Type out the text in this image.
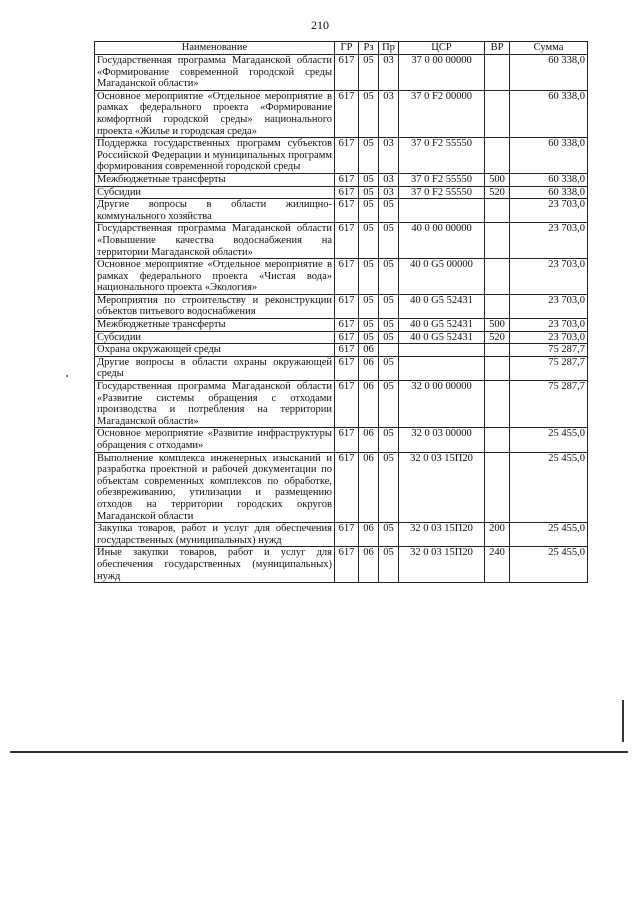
210
Наименование	ГР	Рз	Пр	ЦСР	ВР	Сумма
Государственная программа Магаданской области «Формирование современной городской среды Магаданской области»	617	05	03	37 0 00 00000		60 338,0
Основное мероприятие «Отдельное мероприятие в рамках федерального проекта «Формирование комфортной городской среды» национального проекта «Жилье и городская среда»	617	05	03	37 0 F2 00000		60 338,0
Поддержка государственных программ субъектов Российской Федерации и муниципальных программ формирования современной городской среды	617	05	03	37 0 F2 55550		60 338,0
Межбюджетные трансферты	617	05	03	37 0 F2 55550	500	60 338,0
Субсидии	617	05	03	37 0 F2 55550	520	60 338,0
Другие вопросы в области жилищно-коммунального хозяйства	617	05	05			23 703,0
Государственная программа Магаданской области «Повышение качества водоснабжения на территории Магаданской области»	617	05	05	40 0 00 00000		23 703,0
Основное мероприятие «Отдельное мероприятие в рамках федерального проекта «Чистая вода» национального проекта «Экология»	617	05	05	40 0 G5 00000		23 703,0
Мероприятия по строительству и реконструкции объектов питьевого водоснабжения	617	05	05	40 0 G5 52431		23 703,0
Межбюджетные трансферты	617	05	05	40 0 G5 52431	500	23 703,0
Субсидии	617	05	05	40 0 G5 52431	520	23 703,0
Охрана окружающей среды	617	06				75 287,7
Другие вопросы в области охраны окружающей среды	617	06	05			75 287,7
Государственная программа Магаданской области «Развитие системы обращения с отходами производства и потребления на территории Магаданской области»	617	06	05	32 0 00 00000		75 287,7
Основное мероприятие «Развитие инфраструктуры обращения с отходами»	617	06	05	32 0 03 00000		25 455,0
Выполнение комплекса инженерных изысканий и разработка проектной и рабочей документации по объектам современных комплексов по обработке, обезвреживанию, утилизации и размещению отходов на территории городских округов Магаданской области	617	06	05	32 0 03 15П20		25 455,0
Закупка товаров, работ и услуг для обеспечения государственных (муниципальных) нужд	617	06	05	32 0 03 15П20	200	25 455,0
Иные закупки товаров, работ и услуг для обеспечения государственных (муниципальных) нужд	617	06	05	32 0 03 15П20	240	25 455,0
